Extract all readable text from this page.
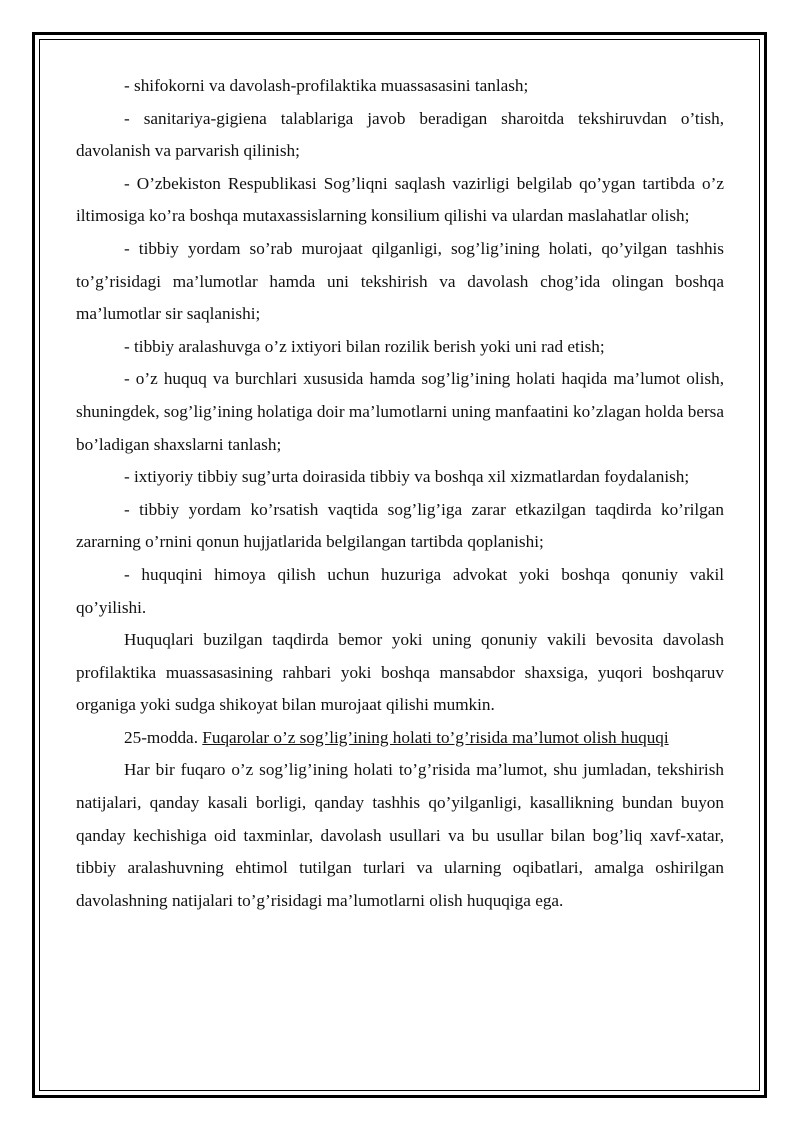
- shifokorni va davolash-profilaktika muassasasini tanlash;

- sanitariya-gigiena talablariga javob beradigan sharoitda tekshiruvdan o’tish, davolanish va parvarish qilinish;

- O’zbekiston Respublikasi Sog’liqni saqlash vazirligi belgilab qo’ygan tartibda o’z iltimosiga ko’ra boshqa mutaxassislarning konsilium qilishi va ulardan maslahatlar olish;

- tibbiy yordam so’rab murojaat qilganligi, sog’lig’ining holati, qo’yilgan tashhis to’g’risidagi ma’lumotlar hamda uni tekshirish va davolash chog’ida olingan boshqa ma’lumotlar sir saqlanishi;

- tibbiy aralashuvga o’z ixtiyori bilan rozilik berish yoki uni rad etish;

- o’z huquq va burchlari xususida hamda sog’lig’ining holati haqida ma’lumot olish, shuningdek, sog’lig’ining holatiga doir ma’lumotlarni uning manfaatini ko’zlagan holda bersa bo’ladigan shaxslarni tanlash;

- ixtiyoriy tibbiy sug’urta doirasida tibbiy va boshqa xil xizmatlardan foydalanish;

- tibbiy yordam ko’rsatish vaqtida sog’lig’iga zarar etkazilgan taqdirda ko’rilgan zararning o’rnini qonun hujjatlarida belgilangan tartibda qoplanishi;

- huquqini himoya qilish uchun huzuriga advokat yoki boshqa qonuniy vakil qo’yilishi.

Huquqlari buzilgan taqdirda bemor yoki uning qonuniy vakili bevosita davolash profilaktika muassasasining rahbari yoki boshqa mansabdor shaxsiga, yuqori boshqaruv organiga yoki sudga shikoyat bilan murojaat qilishi mumkin.

25-modda. Fuqarolar o’z sog’lig’ining holati to’g’risida ma’lumot olish huquqi

Har bir fuqaro o’z sog’lig’ining holati to’g’risida ma’lumot, shu jumladan, tekshirish natijalari, qanday kasali borligi, qanday tashhis qo’yilganligi, kasallikning bundan buyon qanday kechishiga oid taxminlar, davolash usullari va bu usullar bilan bog’liq xavf-xatar, tibbiy aralashuvning ehtimol tutilgan turlari va ularning oqibatlari, amalga oshirilgan davolashning natijalari to’g’risidagi ma’lumotlarni olish huquqiga ega.
